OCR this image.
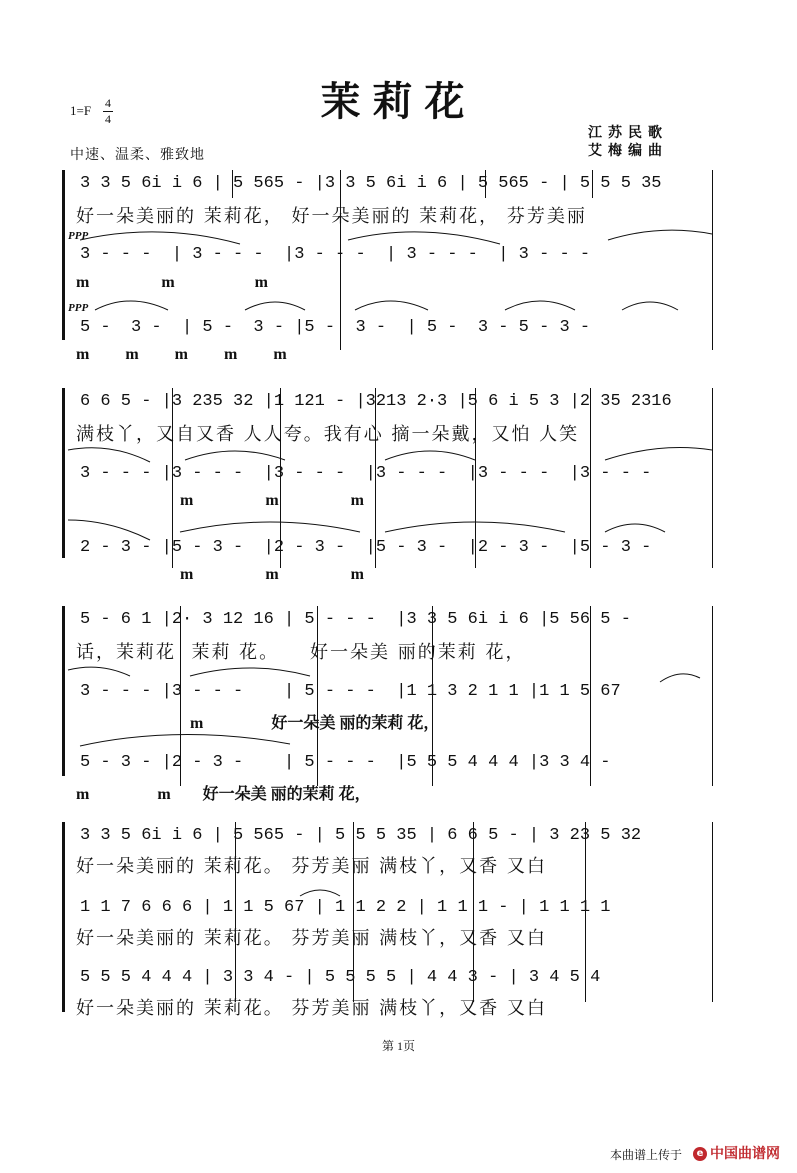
茉莉花
1=F 4
4
中速、温柔、雅致地
江苏民歌
艾梅编曲
3 3 5 6i i 6 | 5 565 - |3 3 5 6i i 6 | 5 565 - | 5 5 5 35
好一朵美丽的 茉莉花， 好一朵美丽的 茉莉花， 芬芳美丽
PPP
3 - - -  | 3 - - -  |3 - - -  | 3 - - -  | 3 - - -
m                  m                    m
PPP
5 -  3 -  | 5 -  3 - |5 -  3 -  | 5 -  3 - 5 - 3 -
m         m         m         m         m
6 6 5 - |3 235 32 |1 121 - |3213 2·3 |5 6 i 5 3 |2 35 2316
满枝丫，又自又香 人人夸。我有心 摘一朵戴，又怕 人笑
3 - - - |3 - - -  |3 - - -  |3 - - -  |3 - - -  |3 - - -
m                  m                  m
2 - 3 - |5 - 3 -  |2 - 3 -  |5 - 3 -  |2 - 3 -  |5 - 3 -
m                  m                  m
5 - 6 1 |2· 3 12 16 | 5 - - -  |3 3 5 6i i 6 |5 56 5 -
话，茉莉花  茉莉 花。    好一朵美 丽的茉莉 花，
3 - - - |3 - - -    | 5 - - -  |1 1 3 2 1 1 |1 1 5 67
m                 好一朵美 丽的茉莉 花，
5 - 3 - |2 - 3 -    | 5 - - -  |5 5 5 4 4 4 |3 3 4 -
m                 m        好一朵美 丽的茉莉 花，
3 3 5 6i i 6 | 5 565 - | 5 5 5 35 | 6 6 5 - | 3 23 5 32
好一朵美丽的 茉莉花。 芬芳美丽 满枝丫，又香 又白
1 1 7 6 6 6 | 1 1 5 67 | 1 1 2 2 | 1 1 1 - | 1 1 1 1
好一朵美丽的 茉莉花。 芬芳美丽 满枝丫，又香 又白
5 5 5 4 4 4 | 3 3 4 - | 5 5 5 5 | 4 4 3 - | 3 4 5 4
好一朵美丽的 茉莉花。 芬芳美丽 满枝丫，又香 又白
第 1页
本曲谱上传于	e 中国曲谱网
